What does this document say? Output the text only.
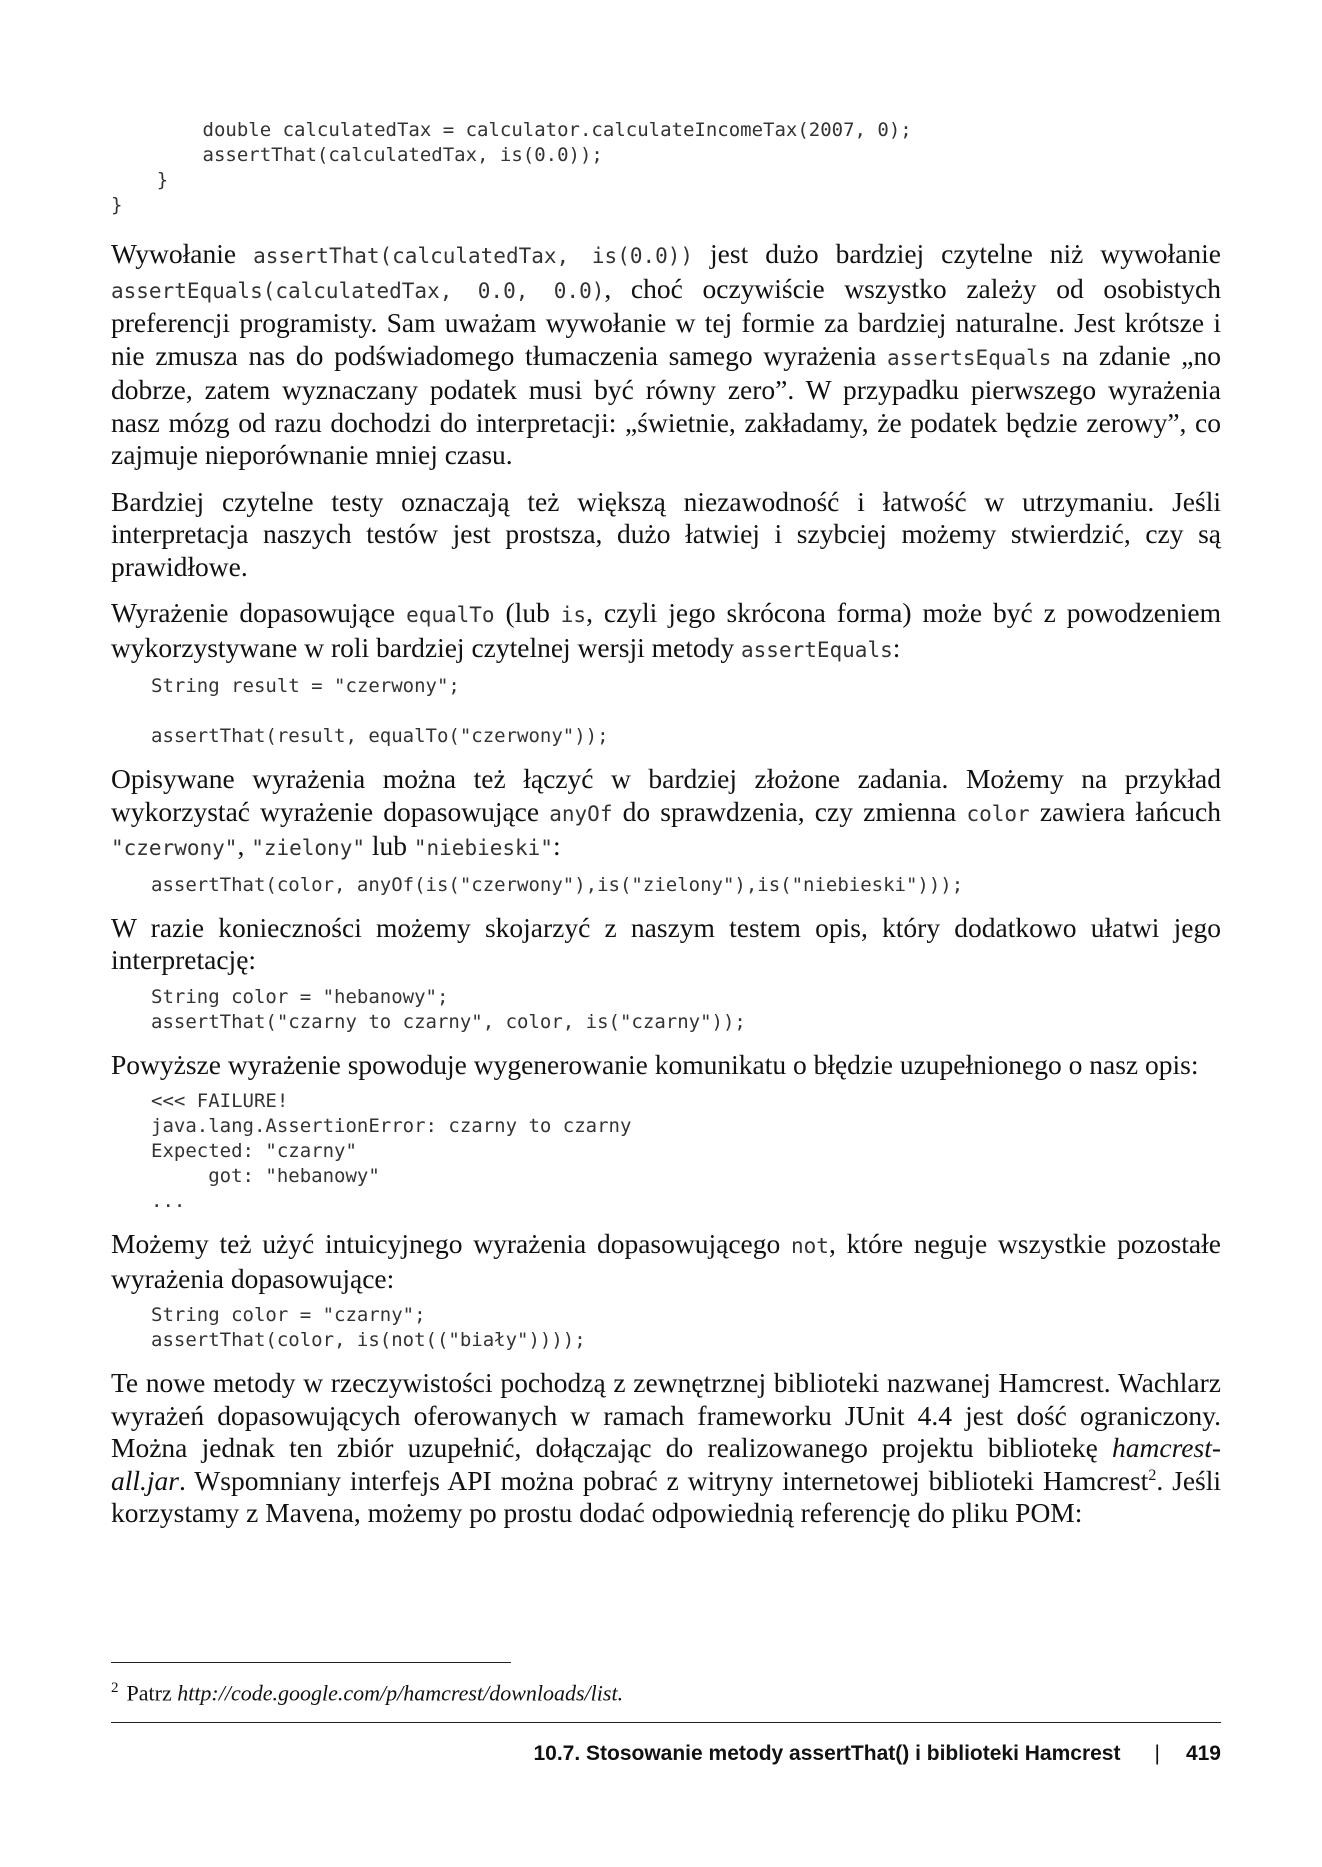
double calculatedTax = calculator.calculateIncomeTax(2007, 0);
assertThat(calculatedTax, is(0.0));
}
}

Wywołanie assertThat(calculatedTax, is(0.0)) jest dużo bardziej czytelne niż wywołanie assertEquals(calculatedTax, 0.0, 0.0), choć oczywiście wszystko zależy od osobistych preferencji programisty. Sam uważam wywołanie w tej formie za bardziej naturalne. Jest krótsze i nie zmusza nas do podświadomego tłumaczenia samego wyrażenia assertsEquals na zdanie „no dobrze, zatem wyznaczany podatek musi być równy zero”. W przypadku pierwszego wyrażenia nasz mózg od razu dochodzi do interpretacji: „świetnie, zakładamy, że podatek będzie zerowy”, co zajmuje nieporównanie mniej czasu.

Bardziej czytelne testy oznaczają też większą niezawodność i łatwość w utrzymaniu. Jeśli interpretacja naszych testów jest prostsza, dużo łatwiej i szybciej możemy stwierdzić, czy są prawidłowe.

Wyrażenie dopasowujące equalTo (lub is, czyli jego skrócona forma) może być z powodzeniem wykorzystywane w roli bardziej czytelnej wersji metody assertEquals:

String result = "czerwony";
assertThat(result, equalTo("czerwony"));

Opisywane wyrażenia można też łączyć w bardziej złożone zadania. Możemy na przykład wykorzystać wyrażenie dopasowujące anyOf do sprawdzenia, czy zmienna color zawiera łańcuch "czerwony", "zielony" lub "niebieski":

assertThat(color, anyOf(is("czerwony"),is("zielony"),is("niebieski")));

W razie konieczności możemy skojarzyć z naszym testem opis, który dodatkowo ułatwi jego interpretację:

String color = "hebanowy";
assertThat("czarny to czarny", color, is("czarny"));

Powyższe wyrażenie spowoduje wygenerowanie komunikatu o błędzie uzupełnionego o nasz opis:

<<< FAILURE!
java.lang.AssertionError: czarny to czarny
Expected: "czarny"
got: "hebanowy"
...

Możemy też użyć intuicyjnego wyrażenia dopasowującego not, które neguje wszystkie pozostałe wyrażenia dopasowujące:

String color = "czarny";
assertThat(color, is(not(("biały"))));

Te nowe metody w rzeczywistości pochodzą z zewnętrznej biblioteki nazwanej Hamcrest. Wachlarz wyrażeń dopasowujących oferowanych w ramach frameworku JUnit 4.4 jest dość ograniczony. Można jednak ten zbiór uzupełnić, dołączając do realizowanego projektu bibliotekę hamcrest-all.jar. Wspomniany interfejs API można pobrać z witryny internetowej biblioteki Hamcrest$^2$. Jeśli korzystamy z Mavena, możemy po prostu dodać odpowiednią referencję do pliku POM:

$^2$ Patrz http://code.google.com/p/hamcrest/downloads/list.
10.7. Stosowanie metody assertThat() i biblioteki Hamcrest | 419
